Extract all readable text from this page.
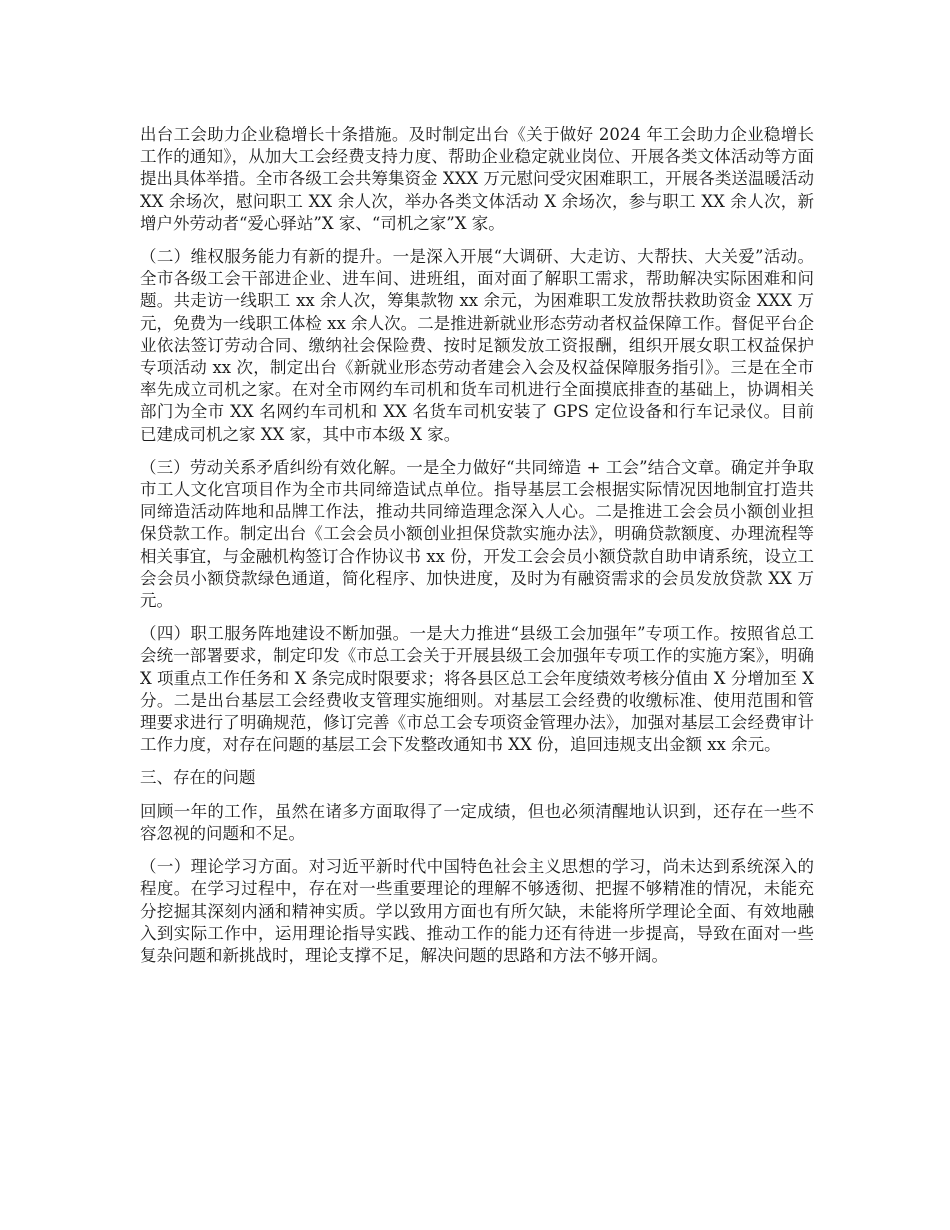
出台工会助力企业稳增长十条措施。及时制定出台《关于做好 2024 年工会助力企业稳增长工作的通知》，从加大工会经费支持力度、帮助企业稳定就业岗位、开展各类文体活动等方面提出具体举措。全市各级工会共筹集资金 XXX 万元慰问受灾困难职工，开展各类送温暖活动 XX 余场次，慰问职工 XX 余人次，举办各类文体活动 X 余场次，参与职工 XX 余人次，新增户外劳动者“爱心驿站”X 家、“司机之家”X 家。

（二）维权服务能力有新的提升。一是深入开展“大调研、大走访、大帮扶、大关爱”活动。全市各级工会干部进企业、进车间、进班组，面对面了解职工需求，帮助解决实际困难和问题。共走访一线职工 xx 余人次，筹集款物 xx 余元，为困难职工发放帮扶救助资金 XXX 万元，免费为一线职工体检 xx 余人次。二是推进新就业形态劳动者权益保障工作。督促平台企业依法签订劳动合同、缴纳社会保险费、按时足额发放工资报酬，组织开展女职工权益保护专项活动 xx 次，制定出台《新就业形态劳动者建会入会及权益保障服务指引》。三是在全市率先成立司机之家。在对全市网约车司机和货车司机进行全面摸底排查的基础上，协调相关部门为全市 XX 名网约车司机和 XX 名货车司机安装了 GPS 定位设备和行车记录仪。目前已建成司机之家 XX 家，其中市本级 X 家。

（三）劳动关系矛盾纠纷有效化解。一是全力做好“共同缔造 + 工会”结合文章。确定并争取市工人文化宫项目作为全市共同缔造试点单位。指导基层工会根据实际情况因地制宜打造共同缔造活动阵地和品牌工作法，推动共同缔造理念深入人心。二是推进工会会员小额创业担保贷款工作。制定出台《工会会员小额创业担保贷款实施办法》，明确贷款额度、办理流程等相关事宜，与金融机构签订合作协议书 xx 份，开发工会会员小额贷款自助申请系统，设立工会会员小额贷款绿色通道，简化程序、加快进度，及时为有融资需求的会员发放贷款 XX 万元。

（四）职工服务阵地建设不断加强。一是大力推进“县级工会加强年”专项工作。按照省总工会统一部署要求，制定印发《市总工会关于开展县级工会加强年专项工作的实施方案》，明确 X 项重点工作任务和 X 条完成时限要求；将各县区总工会年度绩效考核分值由 X 分增加至 X 分。二是出台基层工会经费收支管理实施细则。对基层工会经费的收缴标准、使用范围和管理要求进行了明确规范，修订完善《市总工会专项资金管理办法》，加强对基层工会经费审计工作力度，对存在问题的基层工会下发整改通知书 XX 份，追回违规支出金额 xx 余元。

三、存在的问题

回顾一年的工作，虽然在诸多方面取得了一定成绩，但也必须清醒地认识到，还存在一些不容忽视的问题和不足。

（一）理论学习方面。对习近平新时代中国特色社会主义思想的学习，尚未达到系统深入的程度。在学习过程中，存在对一些重要理论的理解不够透彻、把握不够精准的情况，未能充分挖掘其深刻内涵和精神实质。学以致用方面也有所欠缺，未能将所学理论全面、有效地融入到实际工作中，运用理论指导实践、推动工作的能力还有待进一步提高，导致在面对一些复杂问题和新挑战时，理论支撑不足，解决问题的思路和方法不够开阔。
